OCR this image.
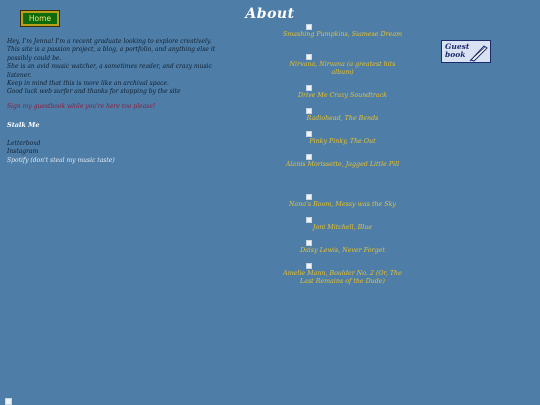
Home	About

Hey, I'm Jenna! I'm a recent graduate looking to explore creatively.

This site is a passion project, a blog, a portfolio, and anything else it

possibly could be.

She is an avid music watcher, a sometimes reader, and crazy music

listener.

Keep in mind that this is more like an archival space.

Good luck web surfer and thanks for stopping by the site

Sign my guestbook while you're here too please!

Stalk Me

Letterboxd
Instagram
Spotify (don't steal my music taste)
Smashing Pumpkins, Siamese Dream
Nirvana, Nirvana (a greatest hits album)
Drive Me Crazy Soundtrack
Radiohead, The Bends
Pinky Pinky, The Out
Alanis Morissette, Jagged Little Pill
Nana's Room, Messy was the Sky
Joni Mitchell, Blue
Daisy Lewis, Never Forget
Amelie Mann, Boulder No. 2 (Or, The Last Remains of the Dude)
Guest
book
